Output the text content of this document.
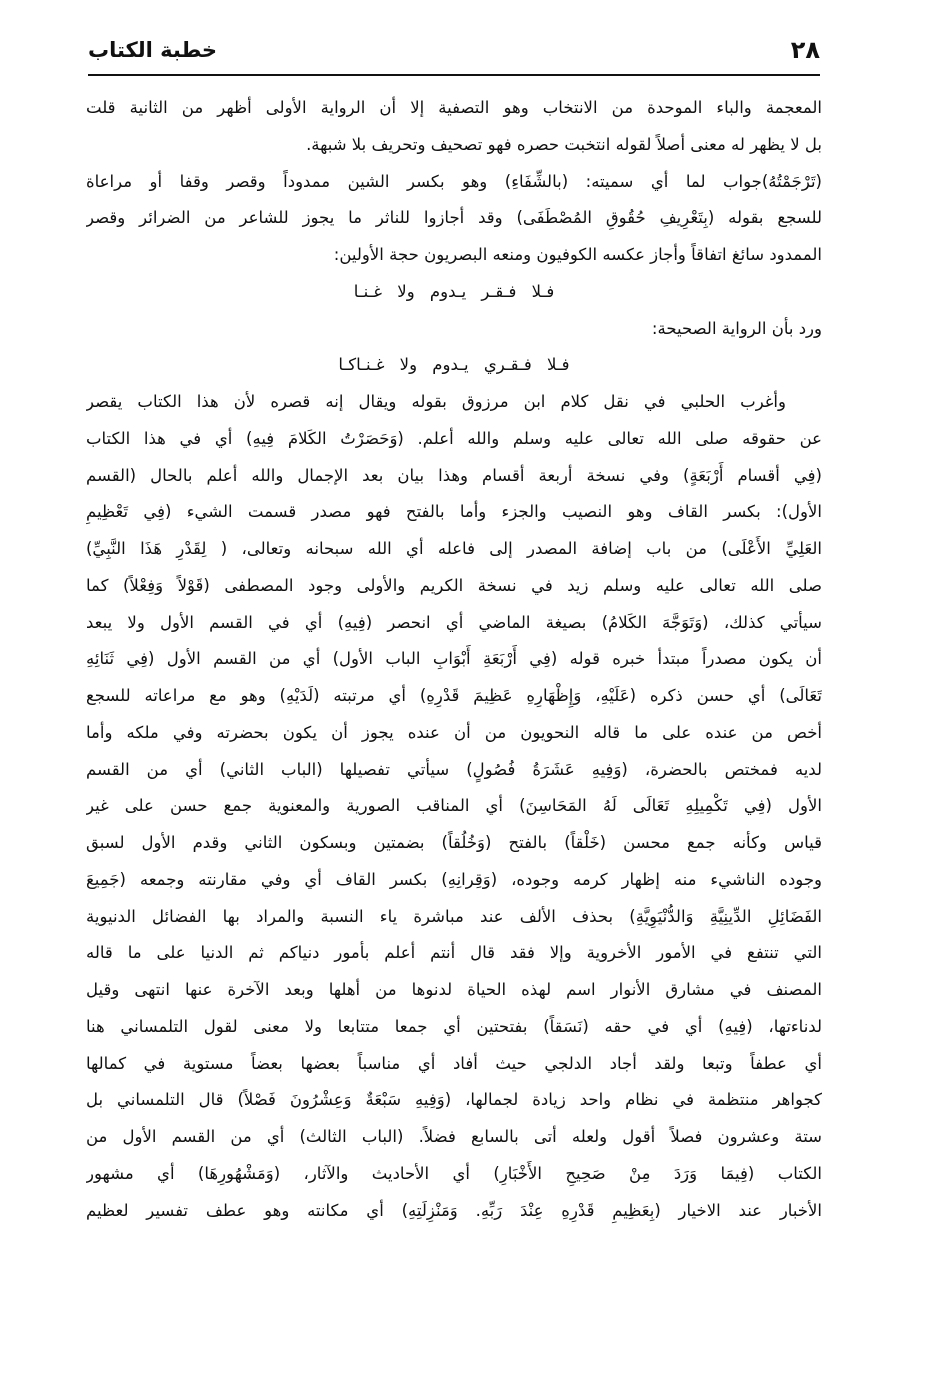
٢٨
خطبة الكتاب
المعجمة والباء الموحدة من الانتخاب وهو التصفية إلا أن الرواية الأولى أظهر من الثانية قلت
بل لا يظهر له معنى أصلاً لقوله انتخبت حصره فهو تصحيف وتحريف بلا شبهة.
(تَرْجَمْتُهُ)جواب لما أي سميته: (بالشِّفَاءِ) وهو بكسر الشين ممدوداً وقصر وقفا أو مراعاة
للسجع بقوله (بِتَعْرِيفِ حُقُوقِ المُصْطَفَى) وقد أجازوا للناثر ما يجوز للشاعر من الضرائر وقصر
الممدود سائغ اتفاقاً وأجاز عكسه الكوفيون ومنعه البصريون حجة الأولين:
فـلا فـقـر يـدوم ولا غـنـا
ورد بأن الرواية الصحيحة:
فـلا فـقـري يـدوم ولا غـنـاكـا
وأغرب الحلبي في نقل كلام ابن مرزوق بقوله ويقال إنه قصره لأن هذا الكتاب يقصر
عن حقوقه صلى الله تعالى عليه وسلم والله أعلم. (وَحَصَرْتُ الكَلامَ فِيهِ) أي في هذا الكتاب
(فِي أقسام أَرْبَعَةٍ) وفي نسخة أربعة أقسام وهذا بيان بعد الإجمال والله أعلم بالحال (القسم
الأول): بكسر القاف وهو النصيب والجزء وأما بالفتح فهو مصدر قسمت الشيء (فِي تَعْظِيمِ
العَلِيِّ الأَعْلَى) من باب إضافة المصدر إلى فاعله أي الله سبحانه وتعالى، ( لِقَدْرِ هَذَا النَّبِيِّ)
صلى الله تعالى عليه وسلم زيد في نسخة الكريم والأولى وجود المصطفى (قَوْلاً وَفِعْلاً) كما
سيأتي كذلك، (وَتَوَجَّهَ الكَلامُ) بصيغة الماضي أي انحصر (فِيهِ) أي في القسم الأول ولا يبعد
أن يكون مصدراً مبتدأ خبره قوله (فِي أَرْبَعَةِ أَبْوَابِ الباب الأول) أي من القسم الأول (فِي ثَنَائِهِ
تَعَالَى) أي حسن ذكره (عَلَيْهِ، وَإِظْهَارِهِ عَظِيمَ قَدْرِهِ) أي مرتبته (لَدَيْهِ) وهو مع مراعاته للسجع
أخص من عنده على ما قاله النحويون من أن عنده يجوز أن يكون بحضرته وفي ملكه وأما
لديه فمختص بالحضرة، (وَفِيهِ عَشَرَةُ فُصُولٍ) سيأتي تفصيلها (الباب الثاني) أي من القسم
الأول (فِي تَكْمِيلِهِ تَعَالَى لَهُ المَحَاسِنَ) أي المناقب الصورية والمعنوية جمع حسن على غير
قياس وكأنه جمع محسن (خَلْقاً) بالفتح (وَخُلُقاً) بضمتين وبسكون الثاني وقدم الأول لسبق
وجوده الناشيء منه إظهار كرمه وجوده، (وَقِرانِهِ) بكسر القاف أي وفي مقارنته وجمعه (جَمِيعَ
الفَضَائِلِ الدِّينِيَّةِ وَالدُّنْيَوِيَّةِ) بحذف الألف عند مباشرة ياء النسبة والمراد بها الفضائل الدنيوية
التي تنتفع في الأمور الأخروية وإلا فقد قال أنتم أعلم بأمور دنياكم ثم الدنيا على ما قاله
المصنف في مشارق الأنوار اسم لهذه الحياة لدنوها من أهلها وبعد الآخرة عنها انتهى وقيل
لدناءتها، (فِيهِ) أي في حقه (نَسَقاً) بفتحتين أي جمعا متتابعا ولا معنى لقول التلمساني هنا
أي عطفاً وتبعا ولقد أجاد الدلجي حيث أفاد أي مناسباً بعضها بعضاً مستوية في كمالها
كجواهر منتظمة في نظام واحد زيادة لجمالها، (وَفِيهِ سَبْعَةٌ وَعِشْرُونَ فَصْلاً) قال التلمساني بل
ستة وعشرون فصلاً أقول ولعله أتى بالسابع فضلاً. (الباب الثالث) أي من القسم الأول من
الكتاب (فِيمَا وَرَدَ مِنْ صَحِيحِ الأَخْبَارِ) أي الأحاديث والآثار، (وَمَشْهُورِهَا) أي مشهور
الأخبار عند الاخيار (بِعَظِيمِ قَدْرِهِ عِنْدَ رَبِّهِ. وَمَنْزِلَتِهِ) أي مكانته وهو عطف تفسير لعظيم
